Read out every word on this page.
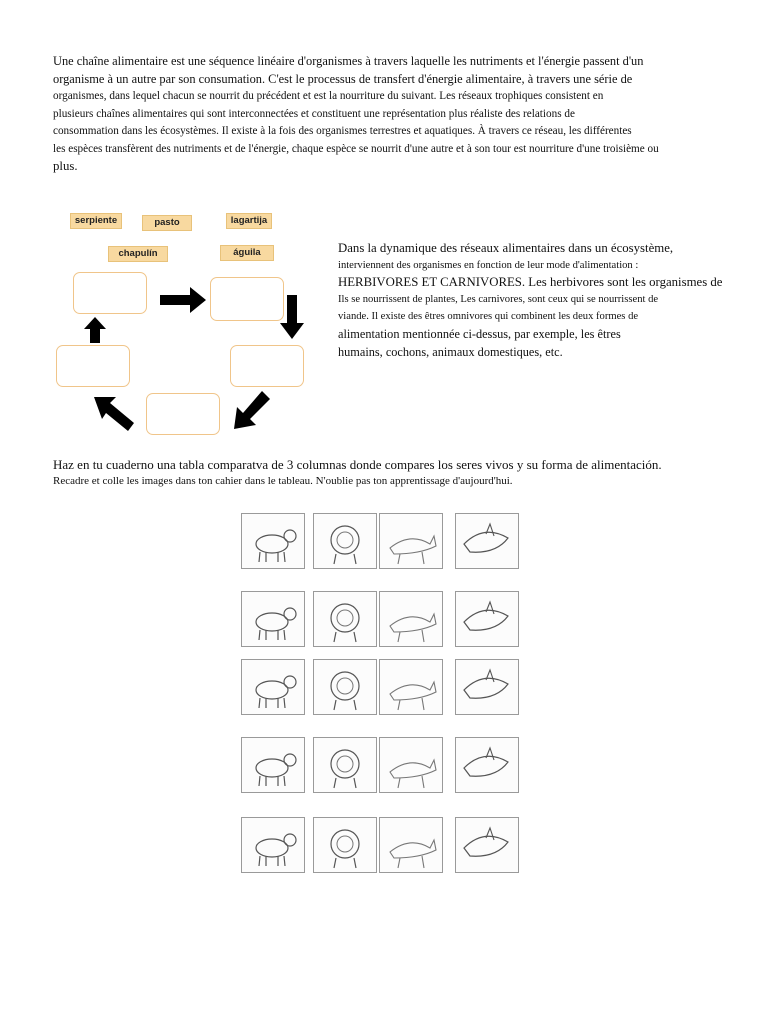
Une chaîne alimentaire est une séquence linéaire d'organismes à travers laquelle les nutriments et l'énergie passent d'un
organisme à un autre par son consumation. C'est le processus de transfert d'énergie alimentaire, à travers une série de
organismes, dans lequel chacun se nourrit du précédent et est la nourriture du suivant. Les réseaux trophiques consistent en
plusieurs chaînes alimentaires qui sont interconnectées et constituent une représentation plus réaliste des relations de
consommation dans les écosystèmes. Il existe à la fois des organismes terrestres et aquatiques. À travers ce réseau, les différentes
les espèces transfèrent des nutriments et de l'énergie, chaque espèce se nourrit d'une autre et à son tour est nourriture d'une troisième ou
plus.
serpiente	pasto	lagartija
chapulín	águila	Dans la dynamique des réseaux alimentaires dans un écosystème,
interviennent des organismes en fonction de leur mode d'alimentation :
HERBIVORES ET CARNIVORES. Les herbivores sont les organismes de
Ils se nourrissent de plantes, Les carnivores, sont ceux qui se nourrissent de
viande. Il existe des êtres omnivores qui combinent les deux formes de
alimentation mentionnée ci-dessus, par exemple, les êtres
humains, cochons, animaux domestiques, etc.
Haz en tu cuaderno una tabla comparatva de 3 columnas donde compares los seres vivos y su forma de alimentación.
Recadre et colle les images dans ton cahier dans le tableau. N'oublie pas ton apprentissage d'aujourd'hui.
